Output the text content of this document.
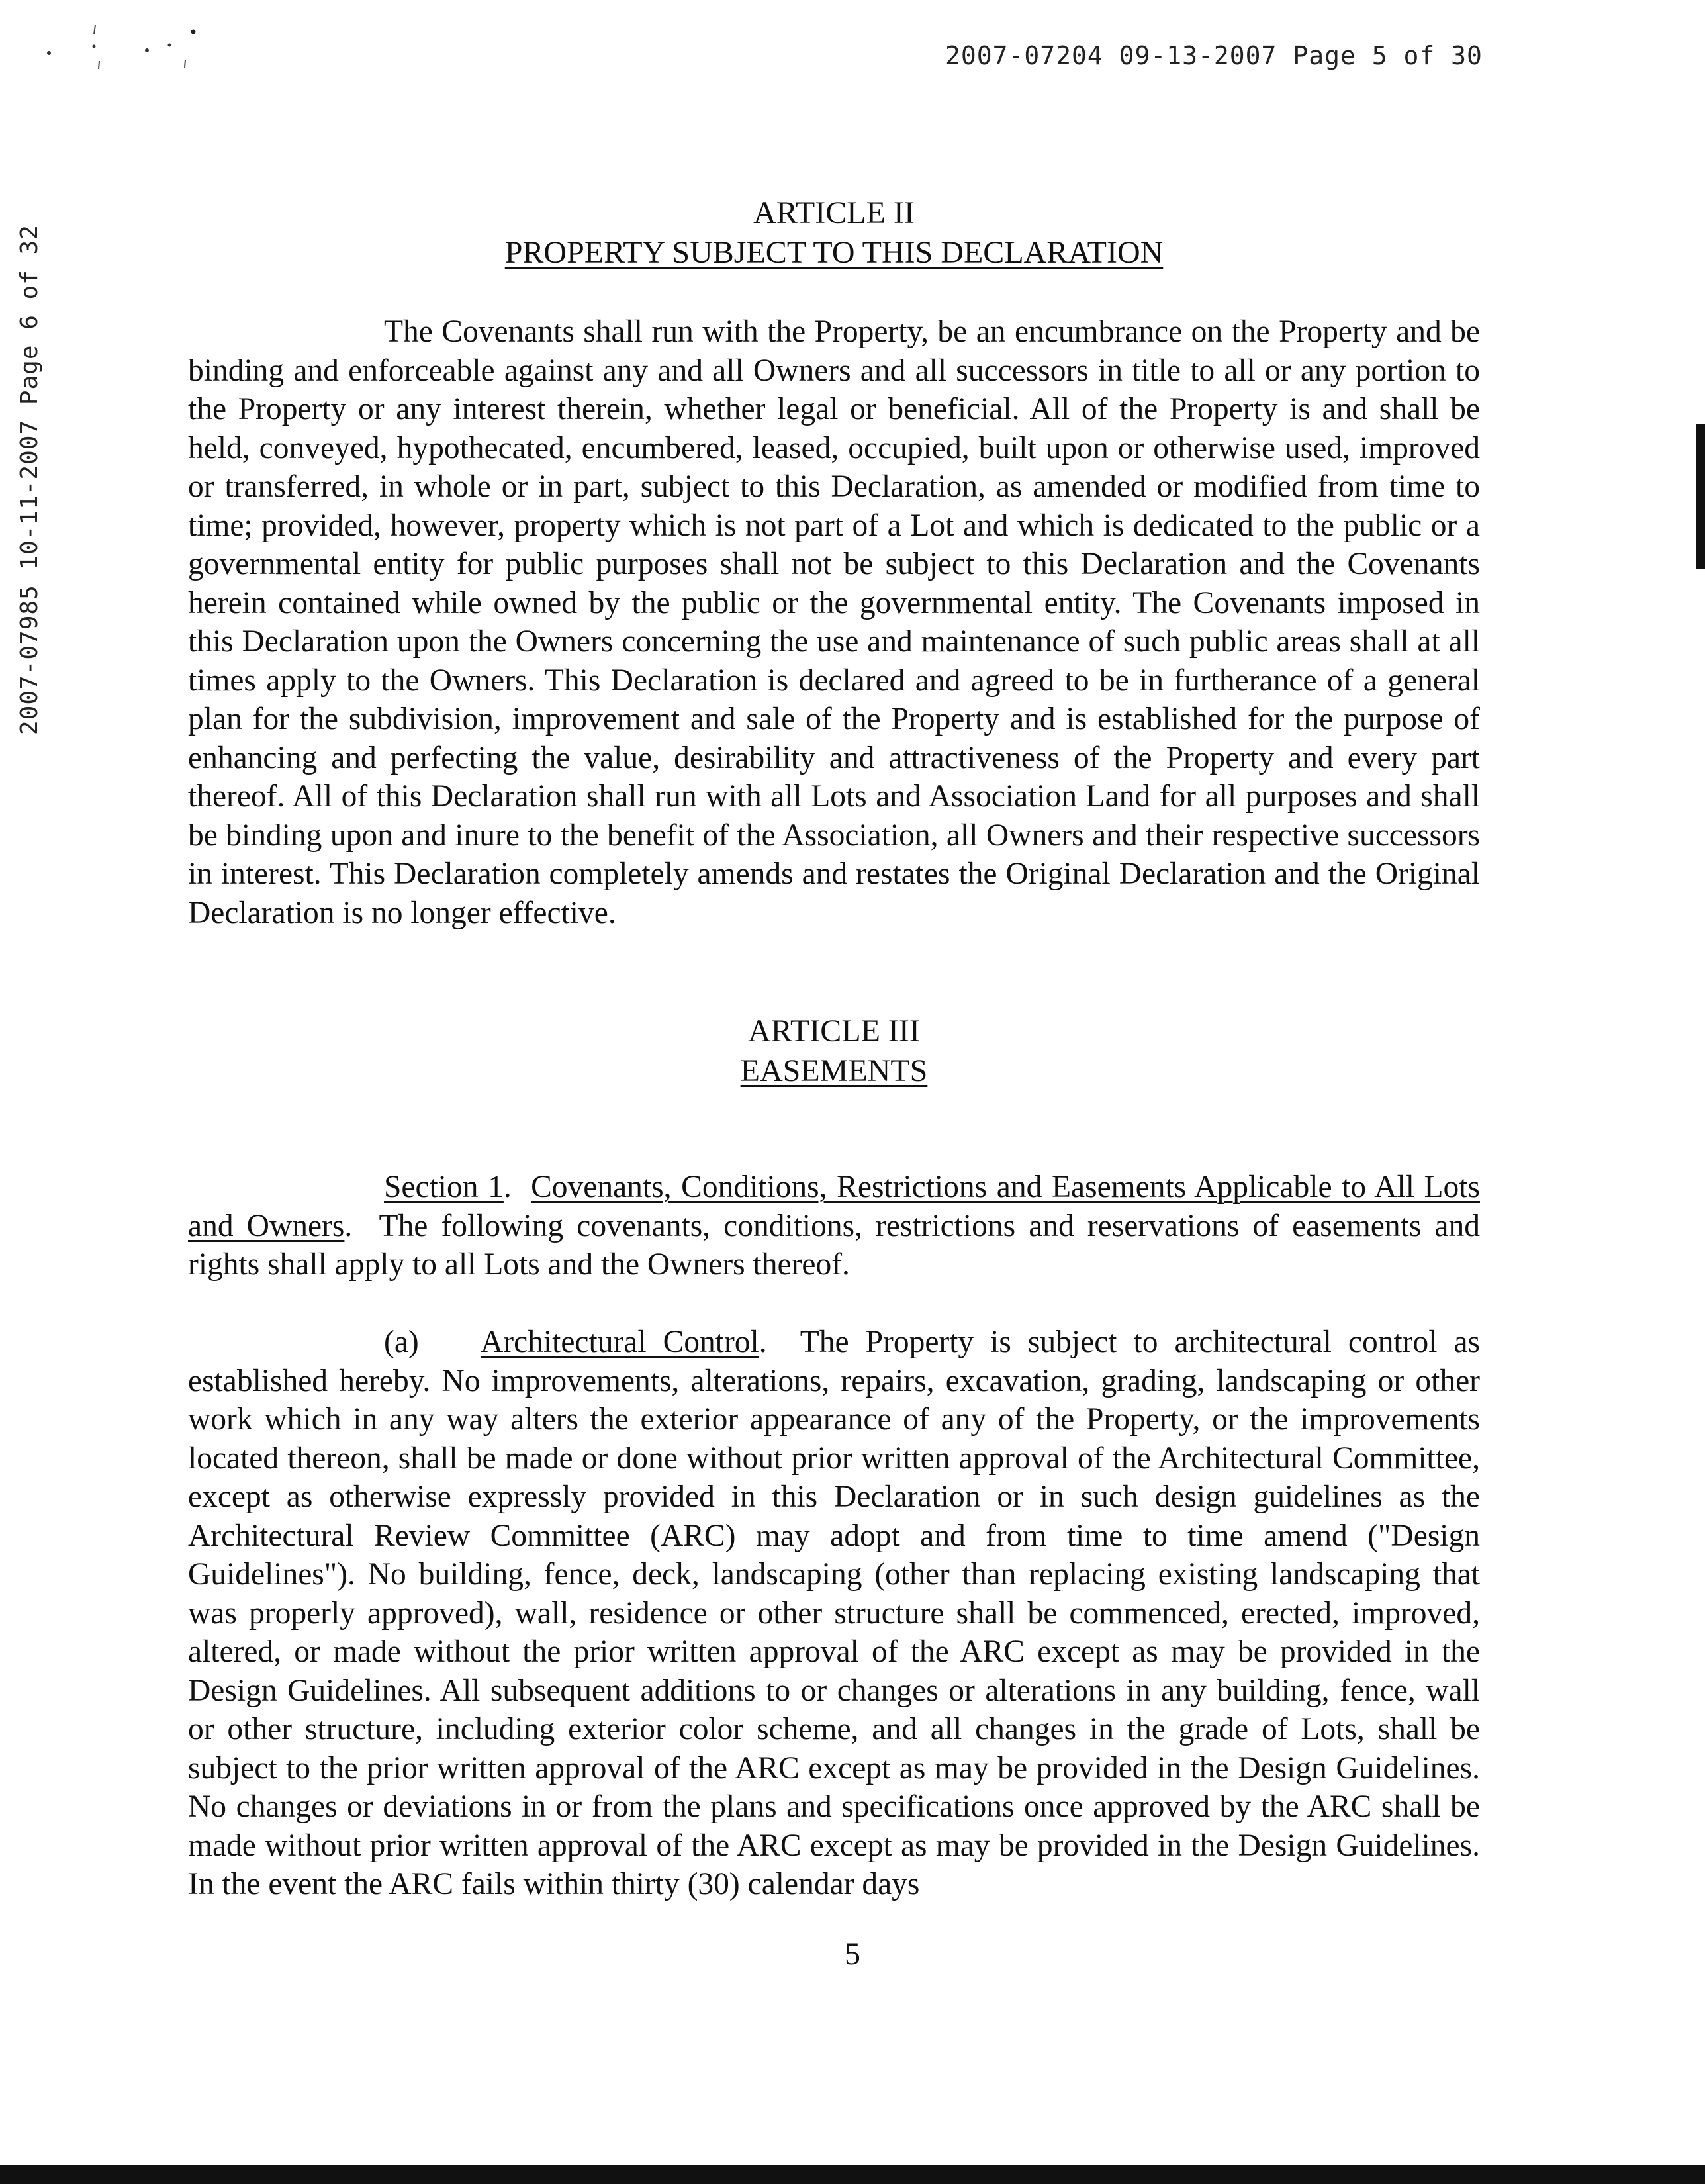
2007-07204 09-13-2007 Page 5 of 30
2007-07985 10-11-2007 Page 6 of 32

ARTICLE II

PROPERTY SUBJECT TO THIS DECLARATION

The Covenants shall run with the Property, be an encumbrance on the Property and be binding and enforceable against any and all Owners and all successors in title to all or any portion to the Property or any interest therein, whether legal or beneficial. All of the Property is and shall be held, conveyed, hypothecated, encumbered, leased, occupied, built upon or otherwise used, improved or transferred, in whole or in part, subject to this Declaration, as amended or modified from time to time; provided, however, property which is not part of a Lot and which is dedicated to the public or a governmental entity for public purposes shall not be subject to this Declaration and the Covenants herein contained while owned by the public or the governmental entity. The Covenants imposed in this Declaration upon the Owners concerning the use and maintenance of such public areas shall at all times apply to the Owners. This Declaration is declared and agreed to be in furtherance of a general plan for the subdivision, improvement and sale of the Property and is established for the purpose of enhancing and perfecting the value, desirability and attractiveness of the Property and every part thereof. All of this Declaration shall run with all Lots and Association Land for all purposes and shall be binding upon and inure to the benefit of the Association, all Owners and their respective successors in interest. This Declaration completely amends and restates the Original Declaration and the Original Declaration is no longer effective.

ARTICLE III

EASEMENTS

Section 1. Covenants, Conditions, Restrictions and Easements Applicable to All Lots and Owners. The following covenants, conditions, restrictions and reservations of easements and rights shall apply to all Lots and the Owners thereof.

(a) Architectural Control. The Property is subject to architectural control as established hereby. No improvements, alterations, repairs, excavation, grading, landscaping or other work which in any way alters the exterior appearance of any of the Property, or the improvements located thereon, shall be made or done without prior written approval of the Architectural Committee, except as otherwise expressly provided in this Declaration or in such design guidelines as the Architectural Review Committee (ARC) may adopt and from time to time amend ("Design Guidelines"). No building, fence, deck, landscaping (other than replacing existing landscaping that was properly approved), wall, residence or other structure shall be commenced, erected, improved, altered, or made without the prior written approval of the ARC except as may be provided in the Design Guidelines. All subsequent additions to or changes or alterations in any building, fence, wall or other structure, including exterior color scheme, and all changes in the grade of Lots, shall be subject to the prior written approval of the ARC except as may be provided in the Design Guidelines. No changes or deviations in or from the plans and specifications once approved by the ARC shall be made without prior written approval of the ARC except as may be provided in the Design Guidelines. In the event the ARC fails within thirty (30) calendar days

5
